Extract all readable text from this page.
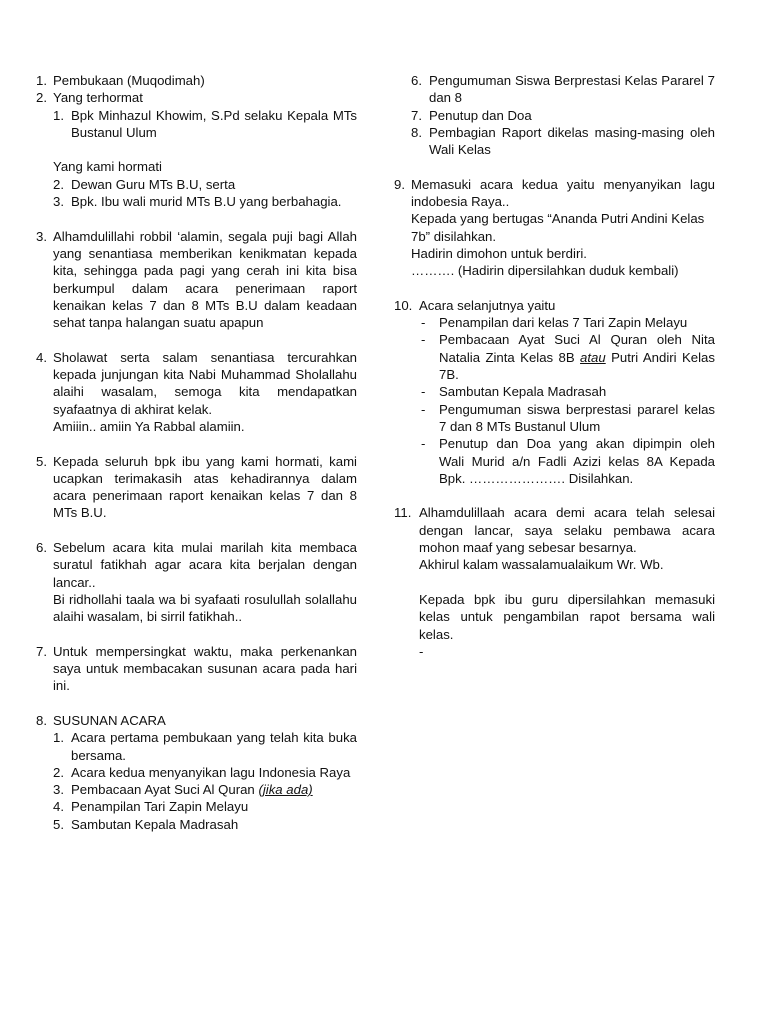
1. Pembukaan (Muqodimah)
2. Yang terhormat
1. Bpk Minhazul Khowim, S.Pd selaku Kepala MTs Bustanul Ulum
Yang kami hormati
2. Dewan Guru MTs B.U, serta
3. Bpk. Ibu wali murid MTs B.U yang berbahagia.
3. Alhamdulillahi robbil ‘alamin, segala puji bagi Allah yang senantiasa memberikan kenikmatan kepada kita, sehingga pada pagi yang cerah ini kita bisa berkumpul dalam acara penerimaan raport kenaikan kelas 7 dan 8 MTs B.U dalam keadaan sehat tanpa halangan suatu apapun
4. Sholawat serta salam senantiasa tercurahkan kepada junjungan kita Nabi Muhammad Sholallahu alaihi wasalam, semoga kita mendapatkan syafaatnya di akhirat kelak.
Amiiin.. amiin Ya Rabbal alamiin.
5. Kepada seluruh bpk ibu yang kami hormati, kami ucapkan terimakasih atas kehadirannya dalam acara penerimaan raport kenaikan kelas 7 dan 8 MTs B.U.
6. Sebelum acara kita mulai marilah kita membaca suratul fatikhah agar acara kita berjalan dengan lancar..
Bi ridhollahi taala wa bi syafaati rosulullah solallahu alaihi wasalam, bi sirril fatikhah..
7. Untuk mempersingkat waktu, maka perkenankan saya untuk membacakan susunan acara pada hari ini.
8. SUSUNAN ACARA
1. Acara pertama pembukaan yang telah kita buka bersama.
2. Acara kedua menyanyikan lagu Indonesia Raya
3. Pembacaan Ayat Suci Al Quran (jika ada)
4. Penampilan Tari Zapin Melayu
5. Sambutan Kepala Madrasah
6. Pengumuman Siswa Berprestasi Kelas Pararel 7 dan 8
7. Penutup dan Doa
8. Pembagian Raport dikelas masing-masing oleh Wali Kelas
9. Memasuki acara kedua yaitu menyanyikan lagu indobesia Raya..
Kepada yang bertugas “Ananda Putri Andini Kelas 7b” disilahkan.
Hadirin dimohon untuk berdiri.
………. (Hadirin dipersilahkan duduk kembali)
10. Acara selanjutnya yaitu
-	Penampilan dari kelas 7 Tari Zapin Melayu
-	Pembacaan Ayat Suci Al Quran oleh Nita Natalia Zinta Kelas 8B atau Putri Andiri Kelas 7B.
-	Sambutan Kepala Madrasah
-	Pengumuman siswa berprestasi pararel kelas 7 dan 8 MTs Bustanul Ulum
-	Penutup dan Doa yang akan dipimpin oleh Wali Murid a/n Fadli Azizi kelas 8A Kepada Bpk. …………………. Disilahkan.
11. Alhamdulillaah acara demi acara telah selesai dengan lancar, saya selaku pembawa acara mohon maaf yang sebesar besarnya.
Akhirul kalam wassalamualaikum Wr. Wb.
Kepada bpk ibu guru dipersilahkan memasuki kelas untuk pengambilan rapot bersama wali kelas.
-
